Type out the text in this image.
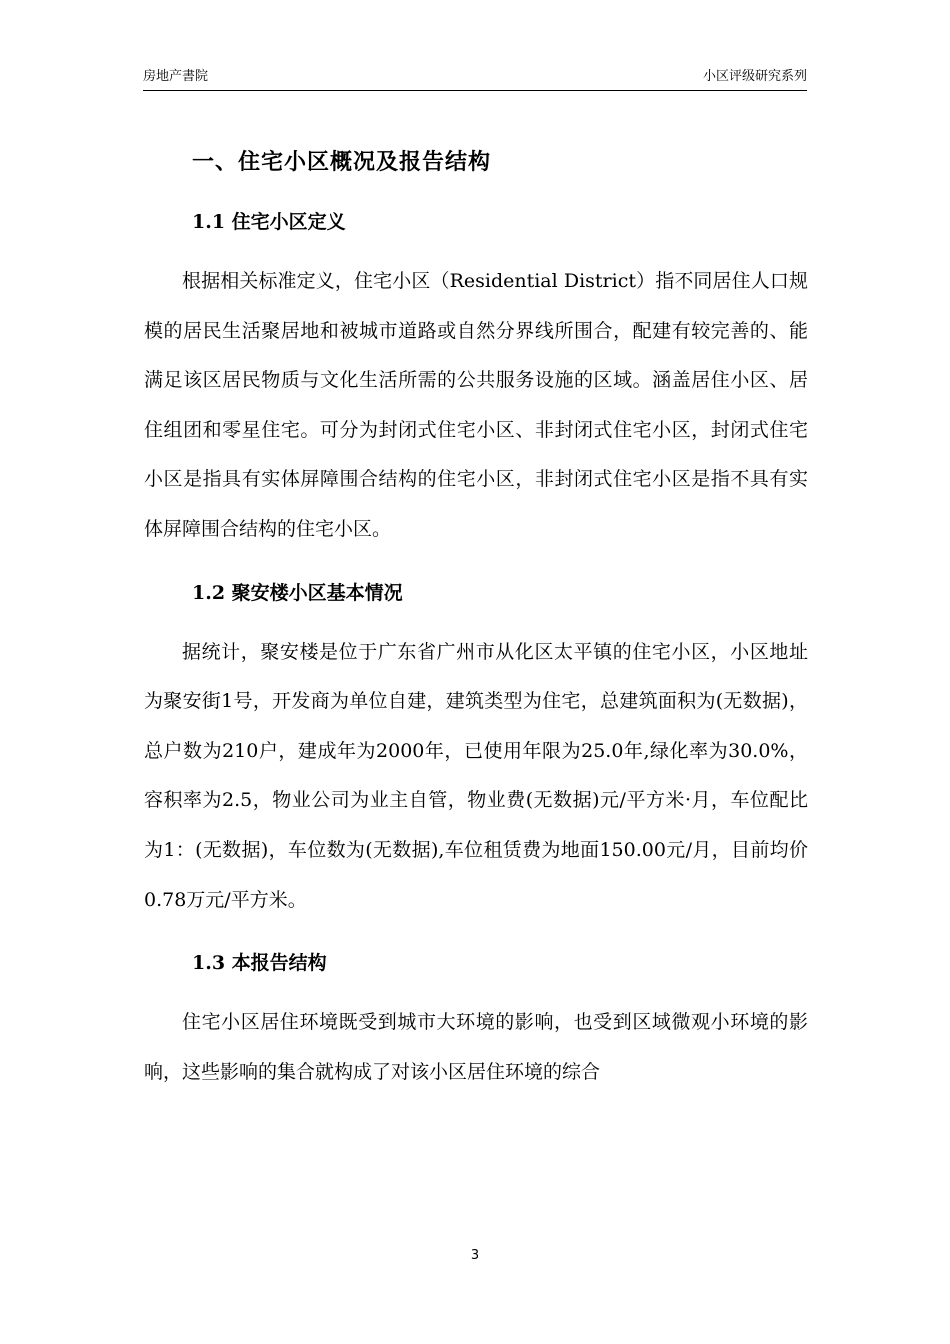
房地产書院	小区评级研究系列
一、住宅小区概况及报告结构
1.1 住宅小区定义

根据相关标准定义，住宅小区（Residential District）指不同居住人口规模的居民生活聚居地和被城市道路或自然分界线所围合，配建有较完善的、能满足该区居民物质与文化生活所需的公共服务设施的区域。涵盖居住小区、居住组团和零星住宅。可分为封闭式住宅小区、非封闭式住宅小区，封闭式住宅小区是指具有实体屏障围合结构的住宅小区，非封闭式住宅小区是指不具有实体屏障围合结构的住宅小区。

1.2 聚安楼小区基本情况

据统计，聚安楼是位于广东省广州市从化区太平镇的住宅小区，小区地址为聚安街1号，开发商为单位自建，建筑类型为住宅，总建筑面积为(无数据)，总户数为210户，建成年为2000年，已使用年限为25.0年,绿化率为30.0%，容积率为2.5，物业公司为业主自管，物业费(无数据)元/平方米·月，车位配比为1：(无数据)，车位数为(无数据),车位租赁费为地面150.00元/月，目前均价0.78万元/平方米。

1.3 本报告结构

住宅小区居住环境既受到城市大环境的影响，也受到区域微观小环境的影响，这些影响的集合就构成了对该小区居住环境的综合

3
